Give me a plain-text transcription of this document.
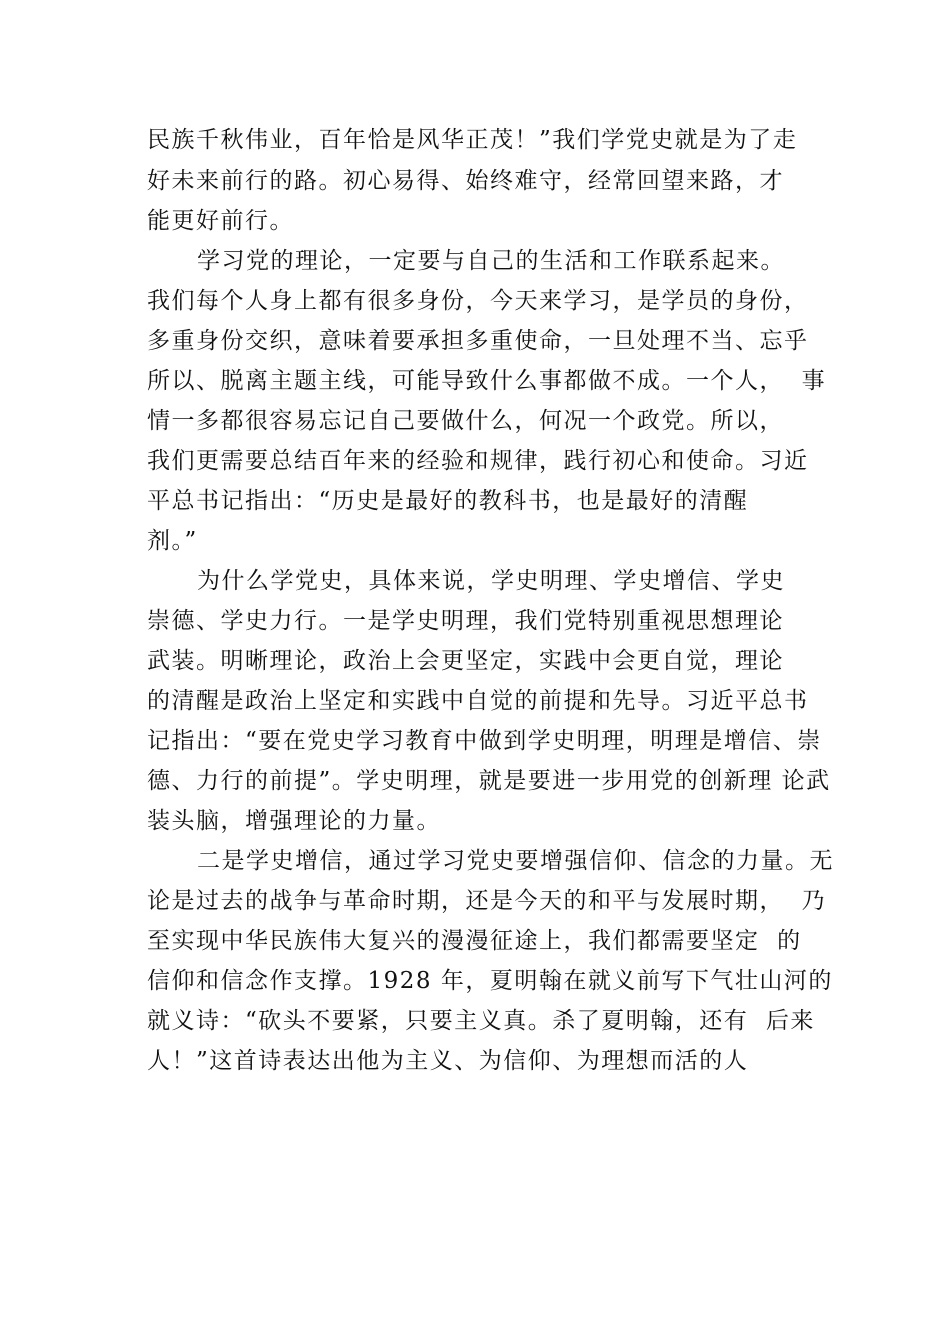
民族千秋伟业，百年恰是风华正茂！”我们学党史就是为了走
好未来前行的路。初心易得、始终难守，经常回望来路，才
能更好前行。
学习党的理论，一定要与自己的生活和工作联系起来。
我们每个人身上都有很多身份，今天来学习，是学员的身份，
多重身份交织，意味着要承担多重使命，一旦处理不当、忘乎
所以、脱离主题主线，可能导致什么事都做不成。一个人，  事
情一多都很容易忘记自己要做什么，何况一个政党。所以，
我们更需要总结百年来的经验和规律，践行初心和使命。习近
平总书记指出：“历史是最好的教科书，也是最好的清醒
剂。”
为什么学党史，具体来说，学史明理、学史增信、学史
崇德、学史力行。一是学史明理，我们党特别重视思想理论
武装。明晰理论，政治上会更坚定，实践中会更自觉，理论
的清醒是政治上坚定和实践中自觉的前提和先导。习近平总书
记指出：“要在党史学习教育中做到学史明理，明理是增信、崇
德、力行的前提”。学史明理，就是要进一步用党的创新理 论武
装头脑，增强理论的力量。
二是学史增信，通过学习党史要增强信仰、信念的力量。无
论是过去的战争与革命时期，还是今天的和平与发展时期，  乃
至实现中华民族伟大复兴的漫漫征途上，我们都需要坚定  的
信仰和信念作支撑。1928 年，夏明翰在就义前写下气壮山河的
就义诗：“砍头不要紧，只要主义真。杀了夏明翰，还有  后来
人！”这首诗表达出他为主义、为信仰、为理想而活的人
